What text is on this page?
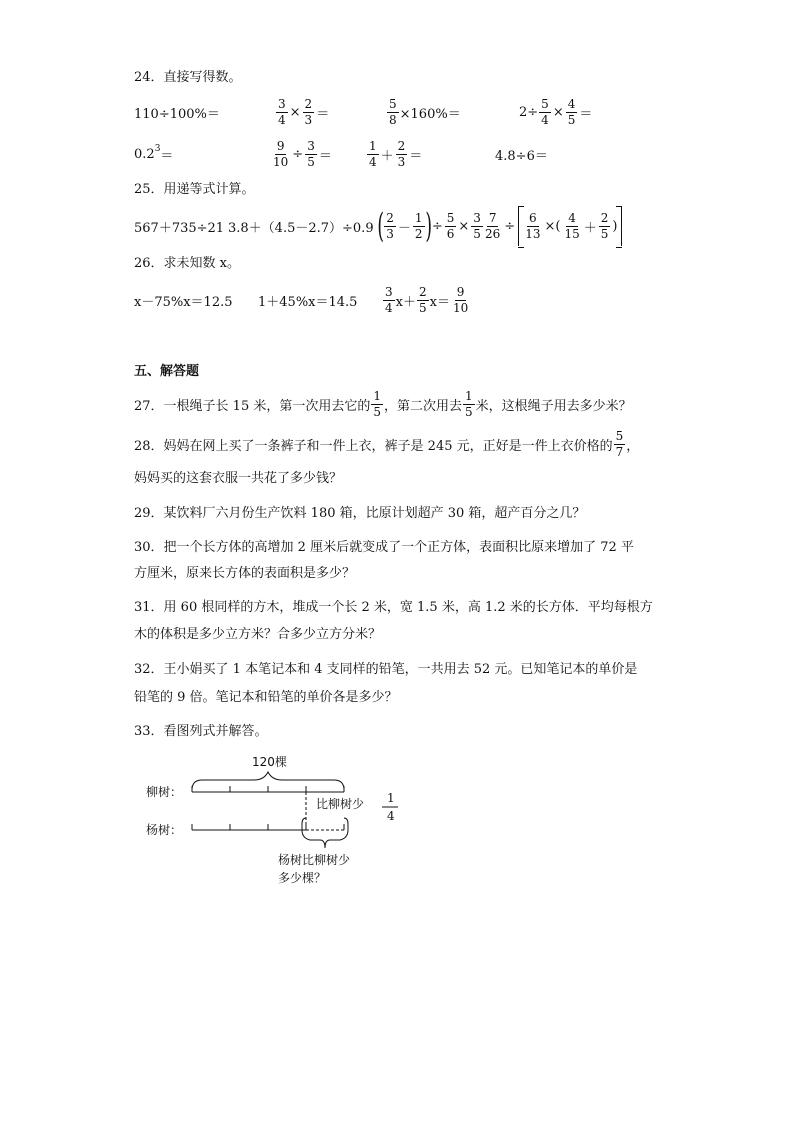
24．直接写得数。
110÷100%＝	$\frac{3}{4} \times \frac{2}{3}$ ＝	$\frac{5}{8} \times 160\%=$	$2\div \frac{5}{4} \times \frac{4}{5}$ ＝
$0.2^3$ ＝	$\frac{9}{10} \div \frac{3}{5}$ ＝
1
4 ＋
2
3 ＝	4.8÷6＝
25．用递等式计算。
567＋735÷21 3.8＋（4.5－2.7）÷0.9 ( 2
3 －
1
2 ) ÷ $\frac{5}{6} \times \frac{3}{5} \frac{7}{26} \div \frac{6}{13}$ ×(
4
15 ＋
2
5 )
26．求未知数 x。
x－75%x＝12.5 1＋45%x＝14.5
3
4 x＋
2
5 x＝
9
10
五、解答题
27．一根绳子长 15 米，第一次用去它的
1
5 ，第二次用去
1
5 米，这根绳子用去多少米？
28．妈妈在网上买了一条裤子和一件上衣，裤子是 245 元，正好是一件上衣价格的
5
7 ，
妈妈买的这套衣服一共花了多少钱？
29．某饮料厂六月份生产饮料 180 箱，比原计划超产 30 箱，超产百分之几？
30．把一个长方体的高增加 2 厘米后就变成了一个正方体，表面积比原来增加了 72 平
方厘米，原来长方体的表面积是多少？
31．用 60 根同样的方木，堆成一个长 2 米，宽 1.5 米，高 1.2 米的长方体．平均每根方
木的体积是多少立方米？合多少立方分米？
32．王小娟买了 1 本笔记本和 4 支同样的铅笔，一共用去 52 元。已知笔记本的单价是
铅笔的 9 倍。笔记本和铅笔的单价各是多少？
33．看图列式并解答。
120棵
柳树：
比柳树少 1
4
杨树：
杨树比柳树少
多少棵？
